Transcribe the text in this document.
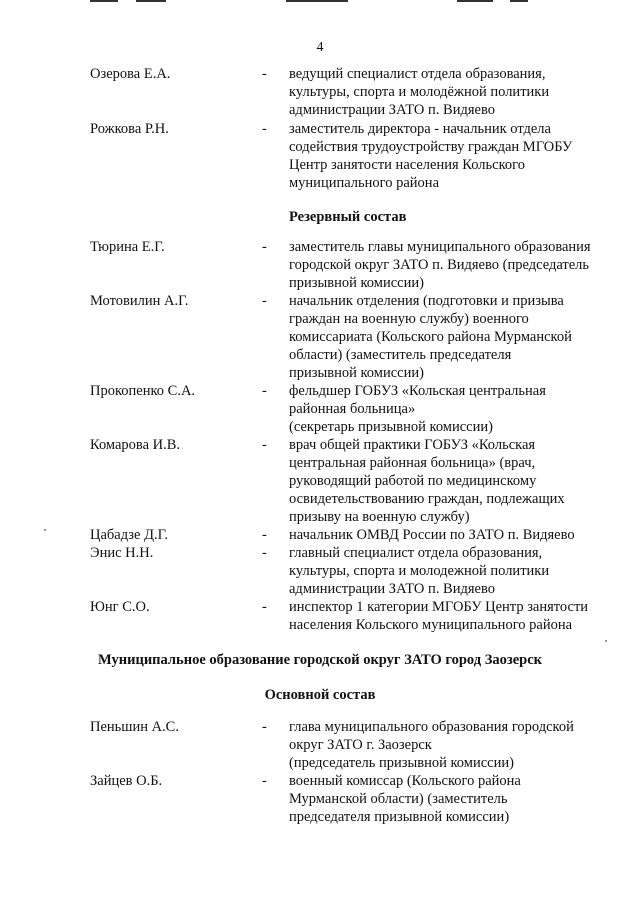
4
Озерова Е.А.	-	ведущий специалист отдела образования,
культуры, спорта и молодёжной политики
администрации ЗАТО п. Видяево
Рожкова Р.Н.	-	заместитель директора - начальник отдела
содействия трудоустройству граждан МГОБУ
Центр занятости населения Кольского
муниципального района
Резервный состав
Тюрина Е.Г.	-	заместитель главы муниципального образования
городской округ ЗАТО п. Видяево (председатель
призывной комиссии)
Мотовилин А.Г.	-	начальник отделения (подготовки и призыва
граждан на военную службу) военного
комиссариата (Кольского района Мурманской
области) (заместитель председателя
призывной комиссии)
Прокопенко С.А.	-	фельдшер ГОБУЗ «Кольская центральная
районная больница»
(секретарь призывной комиссии)
Комарова И.В.	-	врач общей практики ГОБУЗ «Кольская
центральная районная больница» (врач,
руководящий работой по медицинскому
освидетельствованию граждан, подлежащих
призыву на военную службу)
Цабадзе Д.Г.	-	начальник ОМВД России по ЗАТО п. Видяево
Энис Н.Н.	-	главный специалист отдела образования,
культуры, спорта и молодежной политики
администрации ЗАТО п. Видяево
Юнг С.О.	-	инспектор 1 категории МГОБУ Центр занятости
населения Кольского муниципального района
Муниципальное образование городской округ ЗАТО город Заозерск
Основной состав
Пеньшин А.С.	-	глава муниципального образования городской
округ ЗАТО г. Заозерск
(председатель призывной комиссии)
Зайцев О.Б.	-	военный комиссар (Кольского района
Мурманской области) (заместитель
председателя призывной комиссии)
